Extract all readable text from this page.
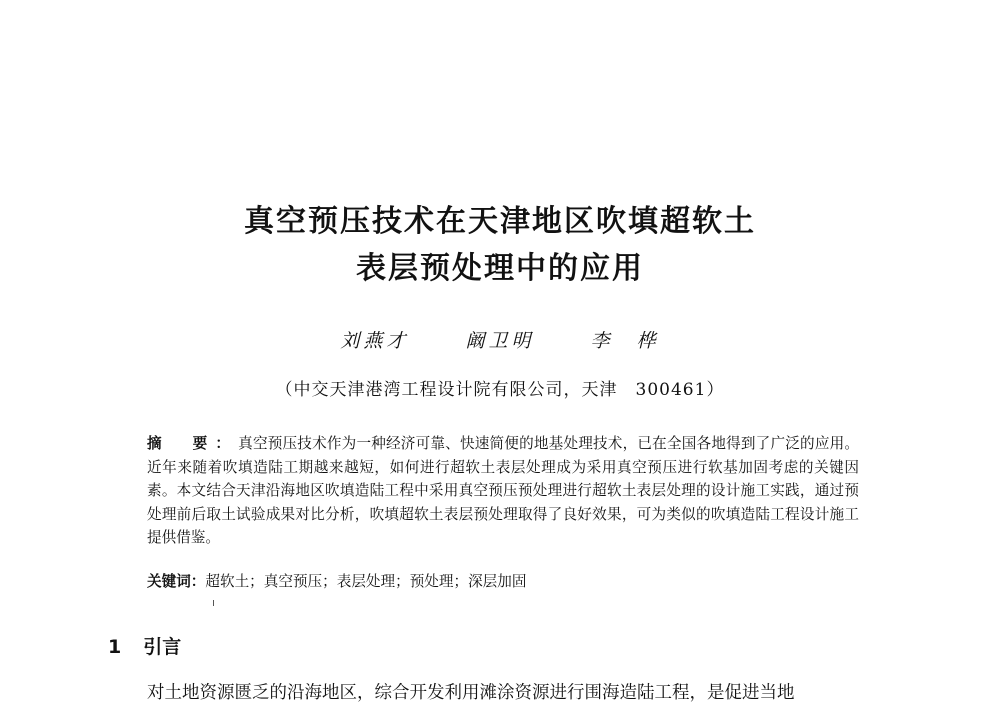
真空预压技术在天津地区吹填超软土
表层预处理中的应用
刘燕才	阚卫明	李　桦
（中交天津港湾工程设计院有限公司，天津　300461）
摘　要：真空预压技术作为一种经济可靠、快速简便的地基处理技术，已在全国各地得到了广泛的应用。近年来随着吹填造陆工期越来越短，如何进行超软土表层处理成为采用真空预压进行软基加固考虑的关键因素。本文结合天津沿海地区吹填造陆工程中采用真空预压预处理进行超软土表层处理的设计施工实践，通过预处理前后取土试验成果对比分析，吹填超软土表层预处理取得了良好效果，可为类似的吹填造陆工程设计施工提供借鉴。
关键词：超软土；真空预压；表层处理；预处理；深层加固
1 引言
对土地资源匮乏的沿海地区，综合开发利用滩涂资源进行围海造陆工程，是促进当地
